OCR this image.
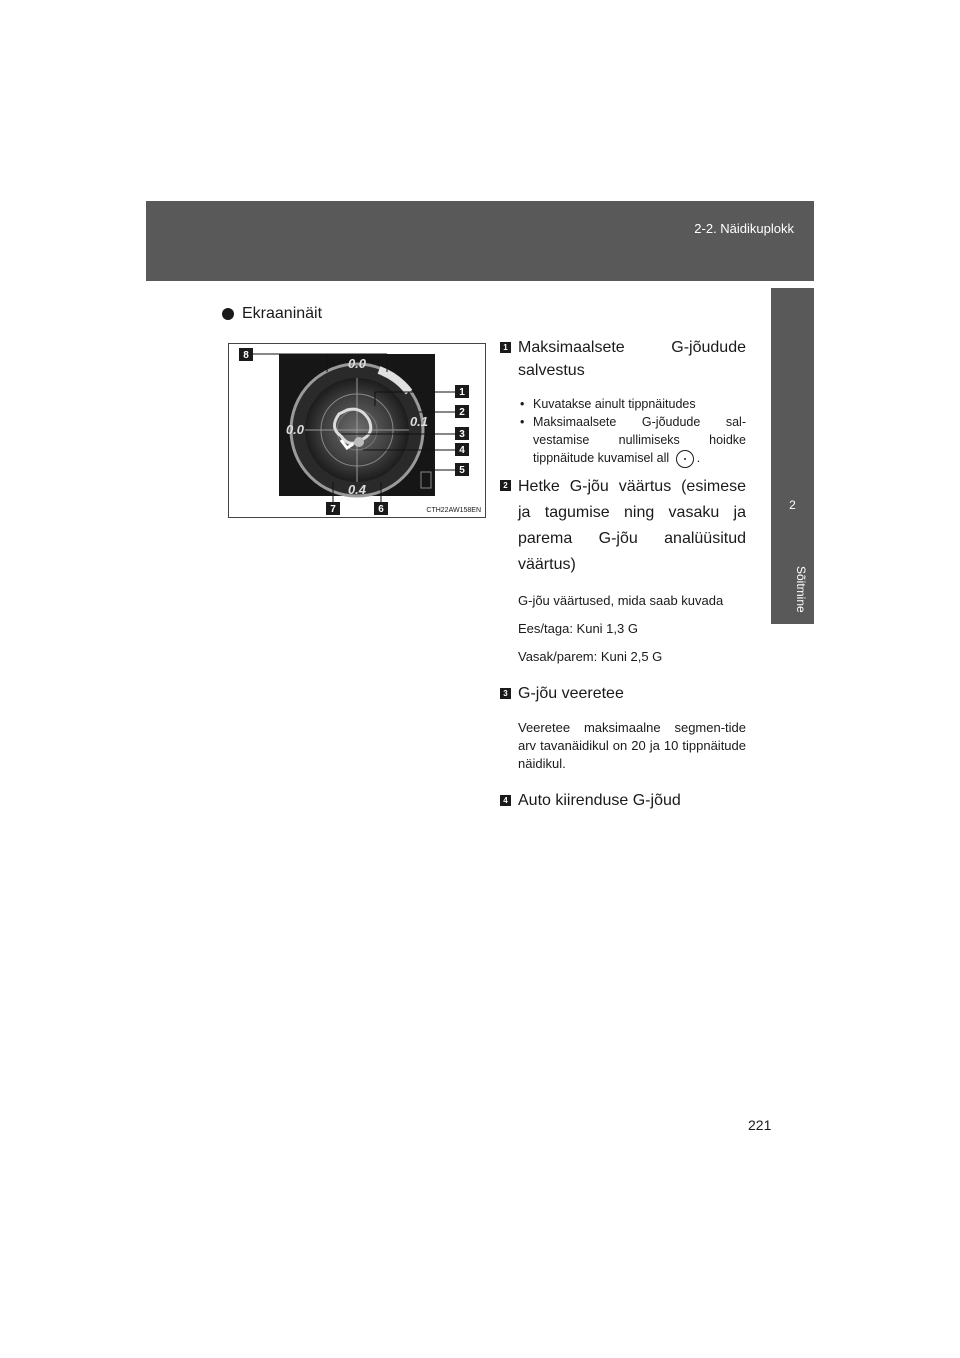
2-2. Näidikuplokk
2
Sõitmine
Ekraaninäit
0.0
0.0
0.1
0.4
8
1
2
3
4
5
6
7	CTH22AW158EN
1 Maksimaalsete G-jõudude salvestus
• Kuvatakse ainult tippnäitudes
• Maksimaalsete G-jõudude sal-vestamise nullimiseks hoidke tippnäitude kuvamisel all .
2 Hetke G-jõu väärtus (esimese ja tagumise ning vasaku ja parema G-jõu analüüsitud väärtus)

G-jõu väärtused, mida saab kuvada

Ees/taga: Kuni 1,3 G

Vasak/parem: Kuni 2,5 G

3 G-jõu veeretee

Veeretee maksimaalne segmen-tide arv tavanäidikul on 20 ja 10 tippnäitude näidikul.

4 Auto kiirenduse G-jõud
221
